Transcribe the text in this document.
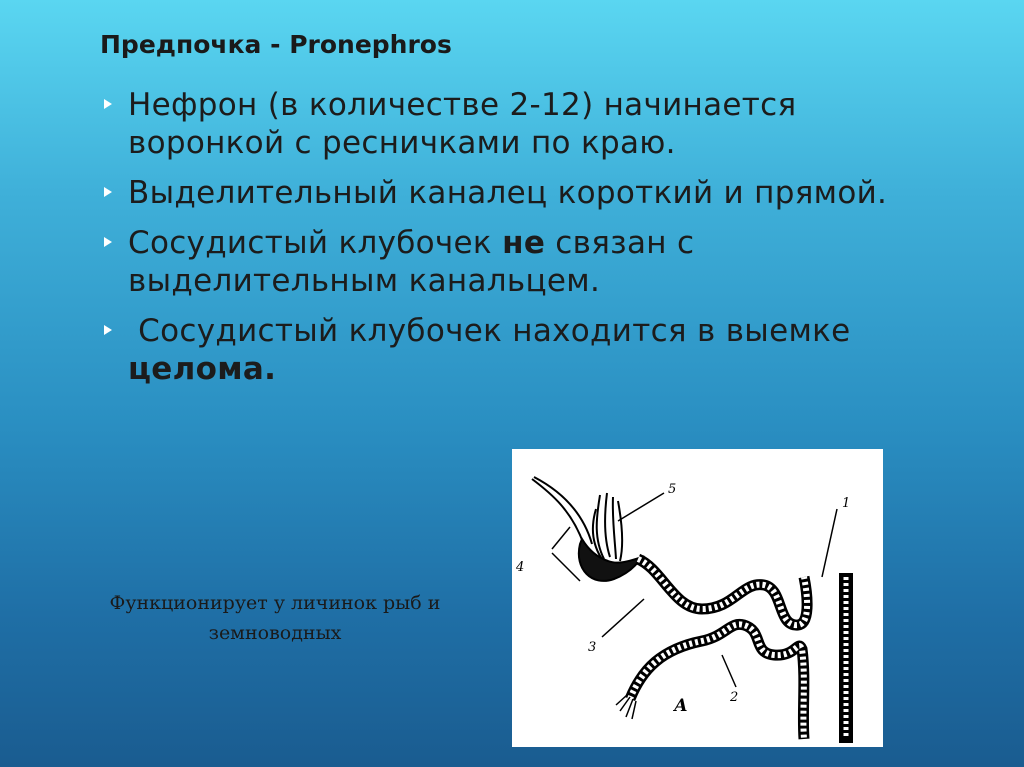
Предпочка - Pronephros
Нефрон (в количестве 2-12) начинается
воронкой с ресничками по краю.
Выделительный каналец короткий и прямой.
Сосудистый клубочек не связан с
выделительным канальцем.
Сосудистый клубочек находится в выемке
целома.
Функционирует у личинок рыб и
земноводных
5
4
1
3
2
А
